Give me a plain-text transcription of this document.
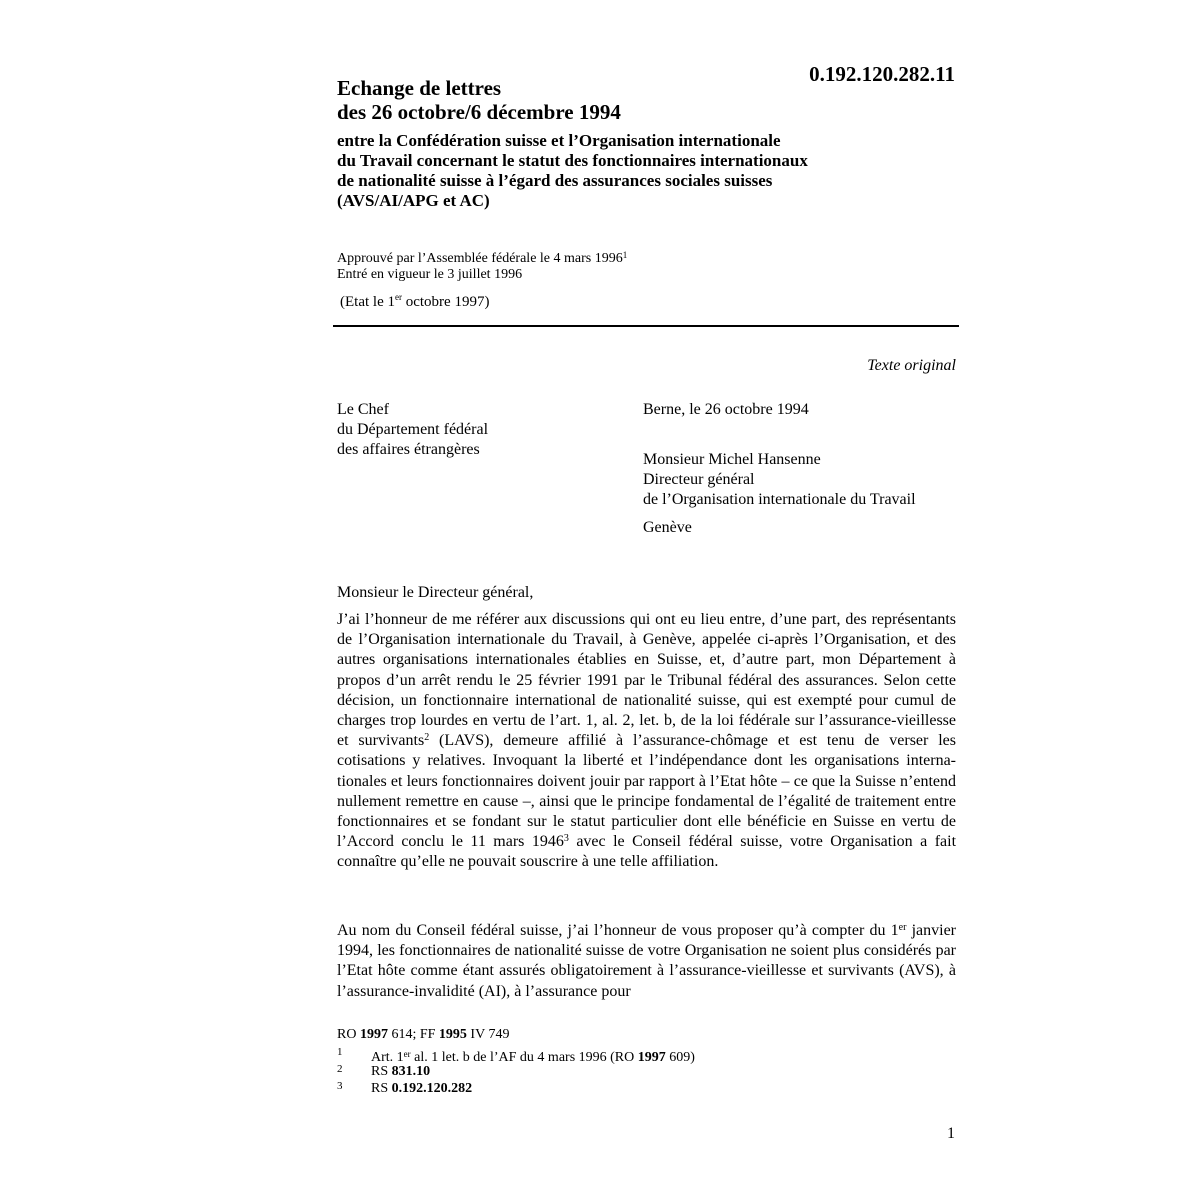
0.192.120.282.11
Echange de lettres
des 26 octobre/6 décembre 1994
entre la Confédération suisse et l’Organisation internationale
du Travail concernant le statut des fonctionnaires internationaux
de nationalité suisse à l’égard des assurances sociales suisses
(AVS/AI/APG et AC)
Approuvé par l’Assemblée fédérale le 4 mars 1996$^1$
Entré en vigueur le 3 juillet 1996
(Etat le 1er octobre 1997)
Texte original
Le Chef
du Département fédéral
des affaires étrangères
Berne, le 26 octobre 1994
Monsieur Michel Hansenne
Directeur général
de l’Organisation internationale du Travail
Genève
Monsieur le Directeur général,
J’ai l’honneur de me référer aux discussions qui ont eu lieu entre, d’une part, des représentants de l’Organisation internationale du Travail, à Genève, appelée ci-après l’Organisation, et des autres organisations internationales établies en Suisse, et, d’autre part, mon Département à propos d’un arrêt rendu le 25 février 1991 par le Tribunal fédéral des assurances. Selon cette décision, un fonctionnaire international de nationalité suisse, qui est exempté pour cumul de charges trop lourdes en vertu de l’art. 1, al. 2, let. b, de la loi fédérale sur l’assurance-vieillesse et survivants$^2$ (LAVS), demeure affilié à l’assurance-chômage et est tenu de verser les cotisations y relatives. Invoquant la liberté et l’indépendance dont les organisations internationales et leurs fonctionnaires doivent jouir par rapport à l’Etat hôte – ce que la Suisse n’entend nullement remettre en cause –, ainsi que le principe fondamental de l’égalité de traitement entre fonctionnaires et se fondant sur le statut particulier dont elle bénéficie en Suisse en vertu de l’Accord conclu le 11 mars 1946$^3$ avec le Conseil fédéral suisse, votre Organisation a fait connaître qu’elle ne pouvait souscrire à une telle affiliation.
Au nom du Conseil fédéral suisse, j’ai l’honneur de vous proposer qu’à compter du 1er janvier 1994, les fonctionnaires de nationalité suisse de votre Organisation ne soient plus considérés par l’Etat hôte comme étant assurés obligatoirement à l’assurance-vieillesse et survivants (AVS), à l’assurance-invalidité (AI), à l’assurance pour
RO 1997 614; FF 1995 IV 749
1 Art. 1er al. 1 let. b de l’AF du 4 mars 1996 (RO 1997 609)
2 RS 831.10
3 RS 0.192.120.282
1
